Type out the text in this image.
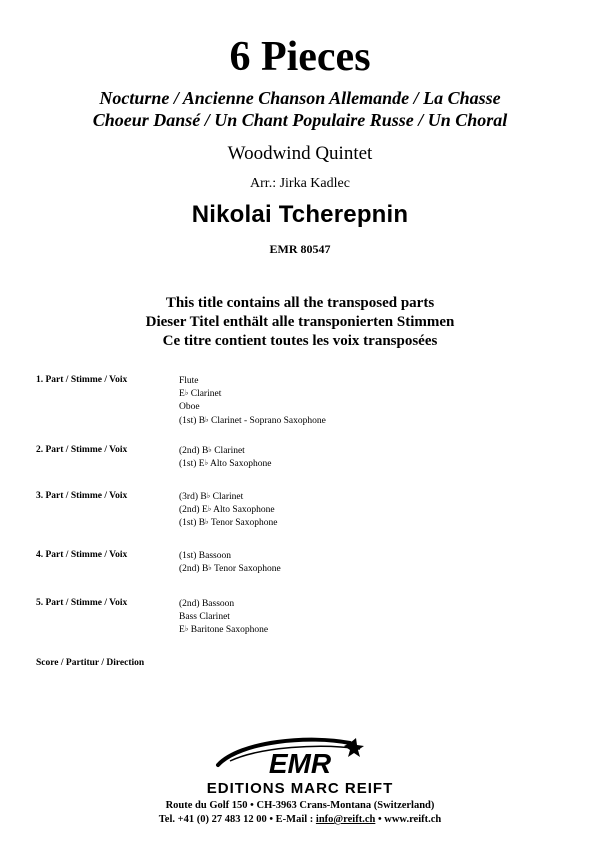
6 Pieces
Nocturne / Ancienne Chanson Allemande / La Chasse
Choeur Dansé / Un Chant Populaire Russe / Un Choral
Woodwind Quintet
Arr.: Jirka Kadlec
Nikolai Tcherepnin
EMR 80547
This title contains all the transposed parts
Dieser Titel enthält alle transponierten Stimmen
Ce titre contient toutes les voix transposées
1. Part / Stimme / Voix	Flute
E♭ Clarinet
Oboe
(1st) B♭ Clarinet - Soprano Saxophone
2. Part / Stimme / Voix	(2nd) B♭ Clarinet
(1st) E♭ Alto Saxophone
3. Part / Stimme / Voix	(3rd) B♭ Clarinet
(2nd) E♭ Alto Saxophone
(1st) B♭ Tenor Saxophone
4. Part / Stimme / Voix	(1st) Bassoon
(2nd) B♭ Tenor Saxophone
5. Part / Stimme / Voix	(2nd) Bassoon
Bass Clarinet
E♭ Baritone Saxophone
Score / Partitur / Direction
EMR
EDITIONS MARC REIFT
Route du Golf 150 • CH-3963 Crans-Montana (Switzerland)
Tel. +41 (0) 27 483 12 00 • E-Mail : info@reift.ch • www.reift.ch
